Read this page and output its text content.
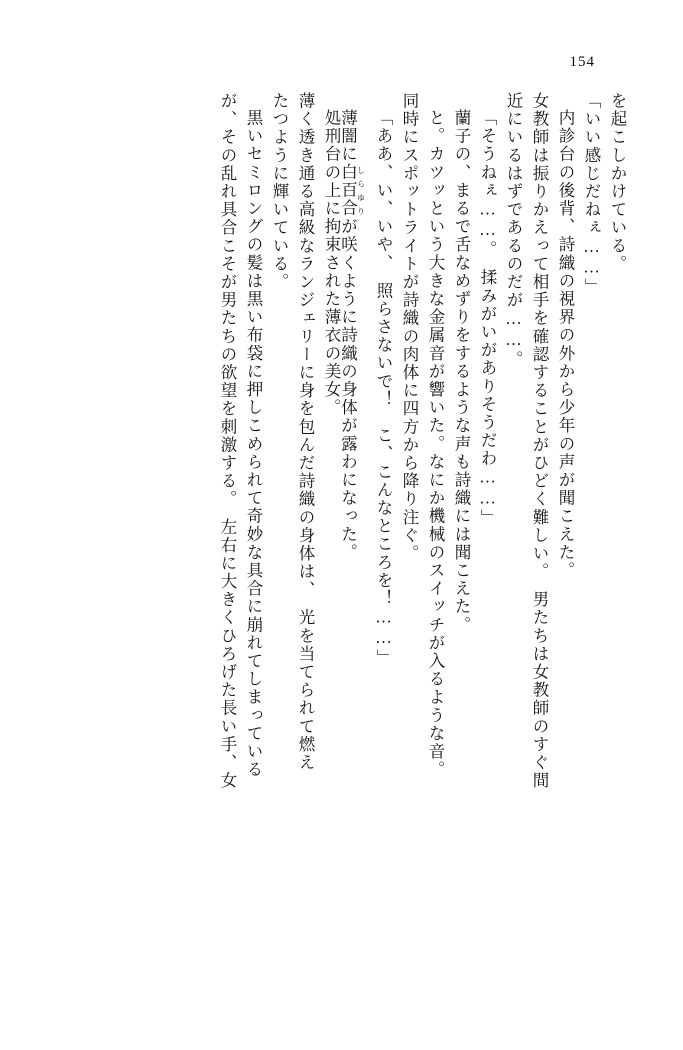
154
を起こしかけている。
「いい感じだねぇ……」
内診台の後背、詩織の視界の外から少年の声が聞こえた。
女教師は振りかえって相手を確認することがひどく難しい。　男たちは女教師のすぐ間
近にいるはずであるのだが……。
「そうねぇ……。　揉みがいがありそうだわ……」
蘭子の、まるで舌なめずりをするような声も詩織には聞こえた。
と。カツッという大きな金属音が響いた。なにか機械のスイッチが入るような音。
同時にスポットライトが詩織の肉体に四方から降り注ぐ。
「ああ、い、いや、　照らさないで！　こ、こんなところを！……」
薄闇に白百合 しらゆりが咲くように詩織の身体が露わになった。
処刑台の上に拘束された薄衣の美女。
薄く透き通る高級なランジェリーに身を包んだ詩織の身体は、　光を当てられて燃え
たつように輝いている。
黒いセミロングの髪は黒い布袋に押しこめられて奇妙な具合に崩れてしまっている
が、その乱れ具合こそが男たちの欲望を刺激する。　左右に大きくひろげた長い手、女
